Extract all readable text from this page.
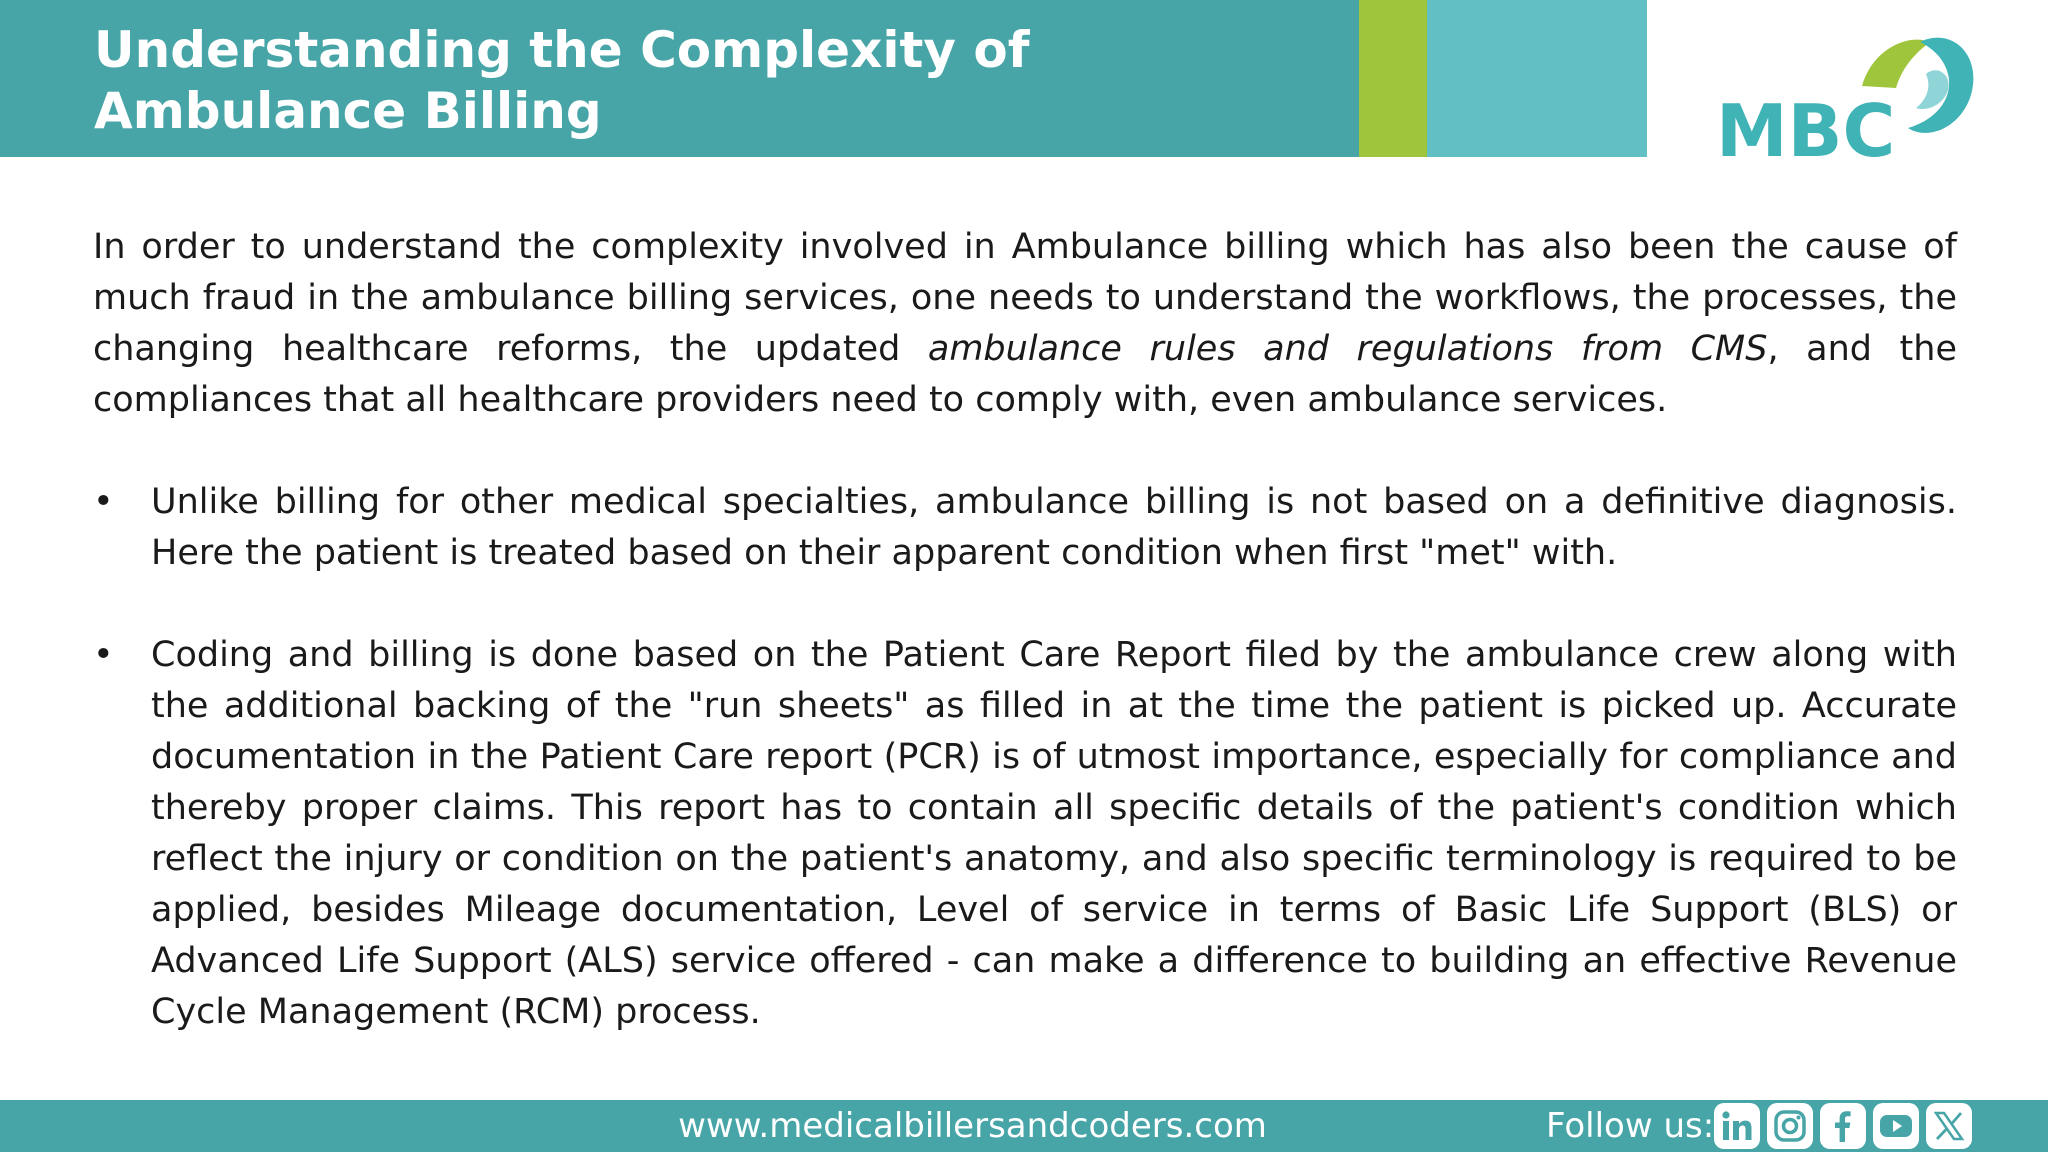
Understanding the Complexity of Ambulance Billing	MBC

In order to understand the complexity involved in Ambulance billing which has also been the cause of much fraud in the ambulance billing services, one needs to understand the workflows, the processes, the changing healthcare reforms, the updated ambulance rules and regulations from CMS, and the compliances that all healthcare providers need to comply with, even ambulance services.

• Unlike billing for other medical specialties, ambulance billing is not based on a definitive diagnosis. Here the patient is treated based on their apparent condition when first "met" with.
• Coding and billing is done based on the Patient Care Report filed by the ambulance crew along with the additional backing of the "run sheets" as filled in at the time the patient is picked up. Accurate documentation in the Patient Care report (PCR) is of utmost importance, especially for compliance and thereby proper claims. This report has to contain all specific details of the patient's condition which reflect the injury or condition on the patient's anatomy, and also specific terminology is required to be applied, besides Mileage documentation, Level of service in terms of Basic Life Support (BLS) or Advanced Life Support (ALS) service offered - can make a difference to building an effective Revenue Cycle Management (RCM) process.
www.medicalbillersandcoders.com	Follow us:
